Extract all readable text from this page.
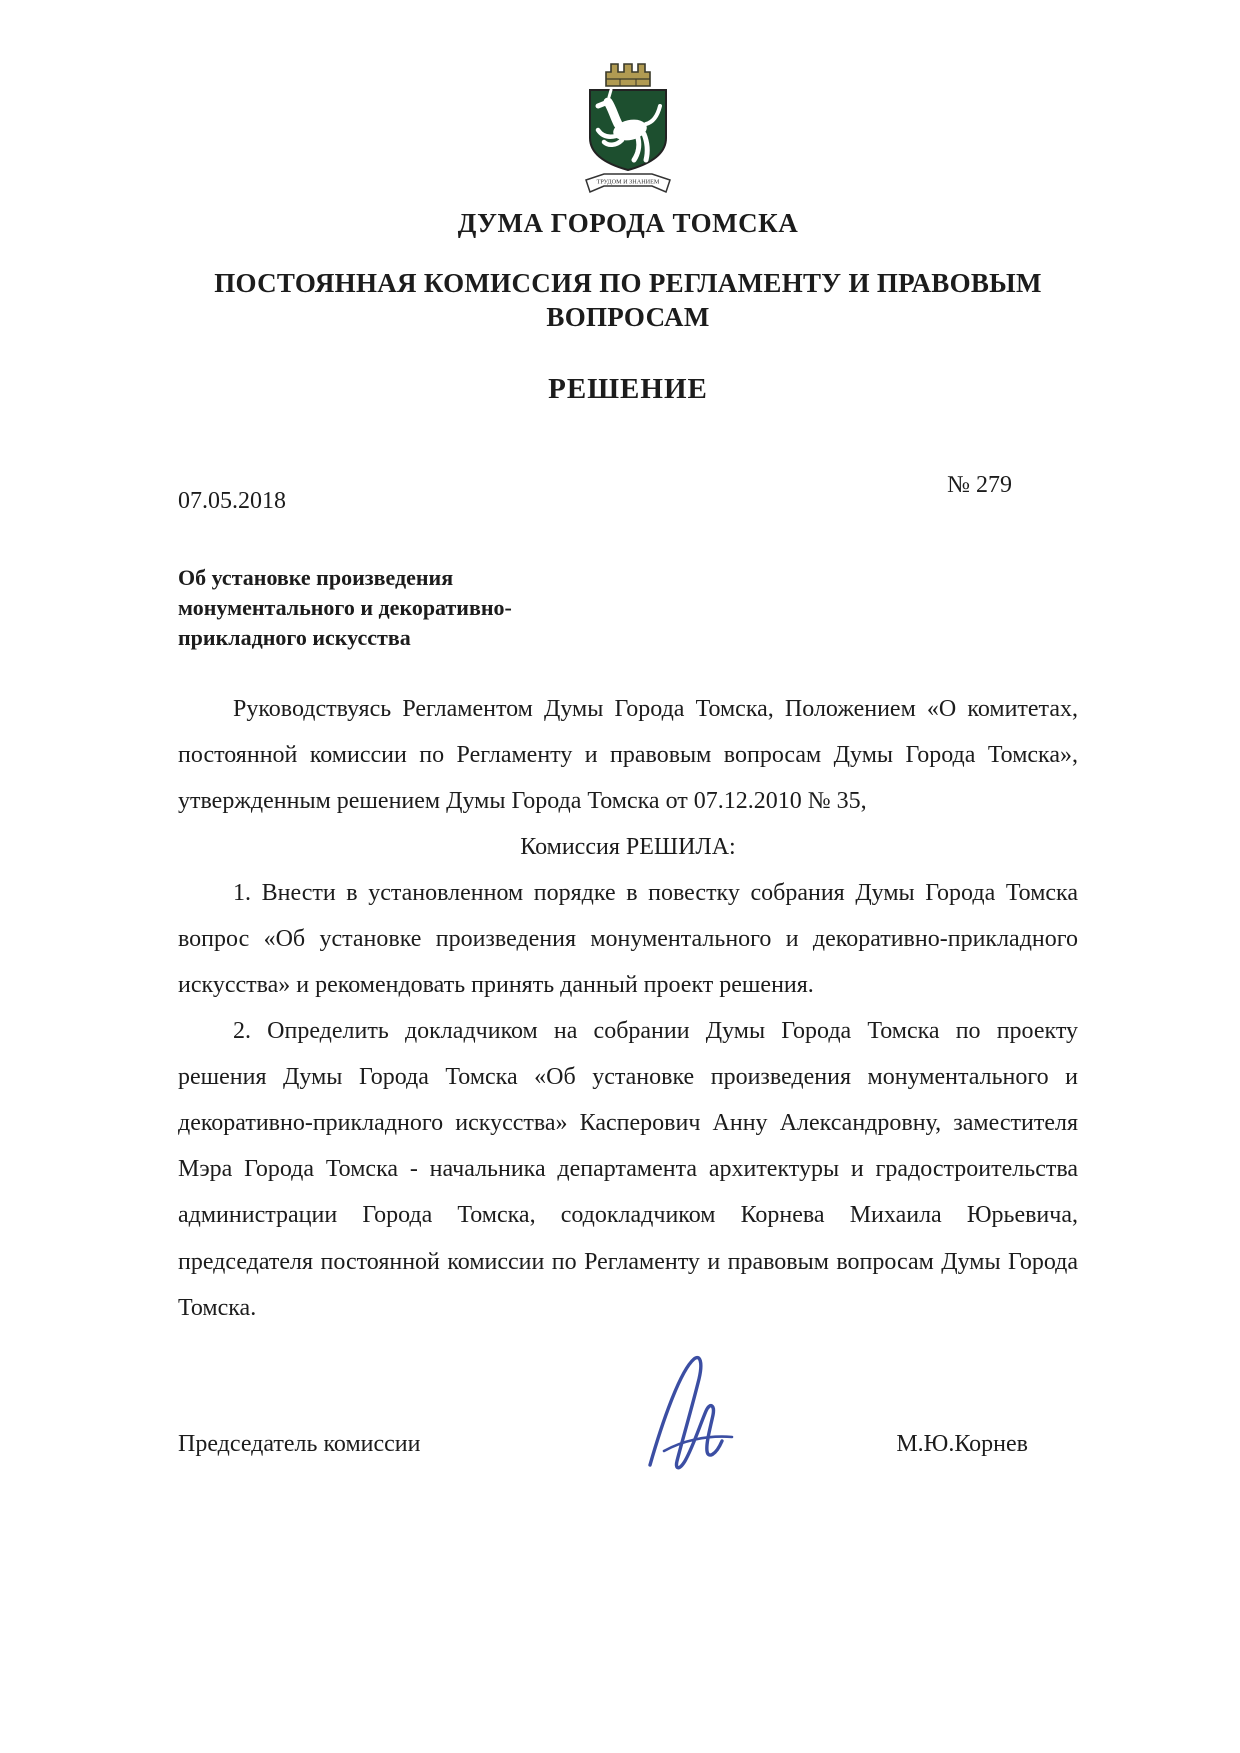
ТРУДОМ И ЗНАНИЕМ
ДУМА ГОРОДА ТОМСКА
ПОСТОЯННАЯ КОМИССИЯ ПО РЕГЛАМЕНТУ И ПРАВОВЫМ ВОПРОСАМ
РЕШЕНИЕ
07.05.2018
№ 279
Об установке произведения монументального и декоративно-прикладного искусства

Руководствуясь Регламентом Думы Города Томска, Положением «О комитетах, постоянной комиссии по Регламенту и правовым вопросам Думы Города Томска», утвержденным решением Думы Города Томска от 07.12.2010 № 35,

Комиссия РЕШИЛА:

1. Внести в установленном порядке в повестку собрания Думы Города Томска вопрос «Об установке произведения монументального и декоративно-прикладного искусства» и рекомендовать принять данный проект решения.

2. Определить докладчиком на собрании Думы Города Томска по проекту решения Думы Города Томска «Об установке произведения монументального и декоративно-прикладного искусства» Касперович Анну Александровну, заместителя Мэра Города Томска - начальника департамента архитектуры и градостроительства администрации Города Томска, содокладчиком Корнева Михаила Юрьевича, председателя постоянной комиссии по Регламенту и правовым вопросам Думы Города Томска.

Председатель комиссии	М.Ю.Корнев
